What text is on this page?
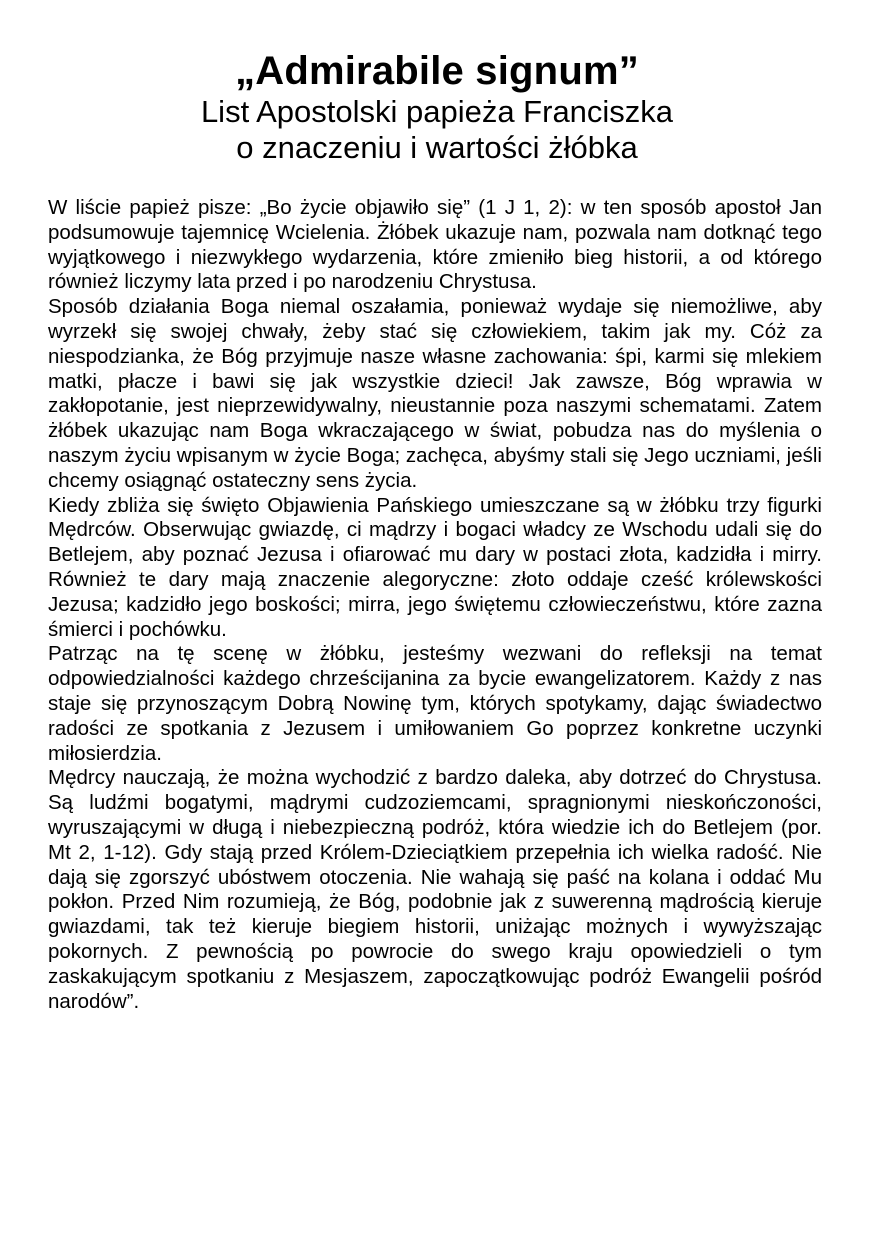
„Admirabile signum”
List Apostolski papieża Franciszka
o znaczeniu i wartości żłóbka

W liście papież pisze: „Bo życie objawiło się” (1 J 1, 2): w ten sposób apostoł Jan podsumowuje tajemnicę Wcielenia. Żłóbek ukazuje nam, pozwala nam dotknąć tego wyjątkowego i niezwykłego wydarzenia, które zmieniło bieg historii, a od którego również liczymy lata przed i po narodzeniu Chrystusa.

Sposób działania Boga niemal oszałamia, ponieważ wydaje się niemożliwe, aby wyrzekł się swojej chwały, żeby stać się człowiekiem, takim jak my. Cóż za niespodzianka, że Bóg przyjmuje nasze własne zachowania: śpi, karmi się mlekiem matki, płacze i bawi się jak wszystkie dzieci! Jak zawsze, Bóg wprawia w zakłopotanie, jest nieprzewidywalny, nieustannie poza naszymi schematami. Zatem żłóbek ukazując nam Boga wkraczającego w świat, pobudza nas do myślenia o naszym życiu wpisanym w życie Boga; zachęca, abyśmy stali się Jego uczniami, jeśli chcemy osiągnąć ostateczny sens życia.

Kiedy zbliża się święto Objawienia Pańskiego umieszczane są w żłóbku trzy figurki Mędrców. Obserwując gwiazdę, ci mądrzy i bogaci władcy ze Wschodu udali się do Betlejem, aby poznać Jezusa i ofiarować mu dary w postaci złota, kadzidła i mirry. Również te dary mają znaczenie alegoryczne: złoto oddaje cześć królewskości Jezusa; kadzidło jego boskości; mirra, jego świętemu człowieczeństwu, które zazna śmierci i pochówku.

Patrząc na tę scenę w żłóbku, jesteśmy wezwani do refleksji na temat odpowiedzialności każdego chrześcijanina za bycie ewangelizatorem. Każdy z nas staje się przynoszącym Dobrą Nowinę tym, których spotykamy, dając świadectwo radości ze spotkania z Jezusem i umiłowaniem Go poprzez konkretne uczynki miłosierdzia.

Mędrcy nauczają, że można wychodzić z bardzo daleka, aby dotrzeć do Chrystusa. Są ludźmi bogatymi, mądrymi cudzoziemcami, spragnionymi nieskończoności, wyruszającymi w długą i niebezpieczną podróż, która wiedzie ich do Betlejem (por. Mt 2, 1-12). Gdy stają przed Królem-Dzieciątkiem przepełnia ich wielka radość. Nie dają się zgorszyć ubóstwem otoczenia. Nie wahają się paść na kolana i oddać Mu pokłon. Przed Nim rozumieją, że Bóg, podobnie jak z suwerenną mądrością kieruje gwiazdami, tak też kieruje biegiem historii, uniżając możnych i wywyższając pokornych. Z pewnością po powrocie do swego kraju opowiedzieli o tym zaskakującym spotkaniu z Mesjaszem, zapoczątkowując podróż Ewangelii pośród narodów”.
